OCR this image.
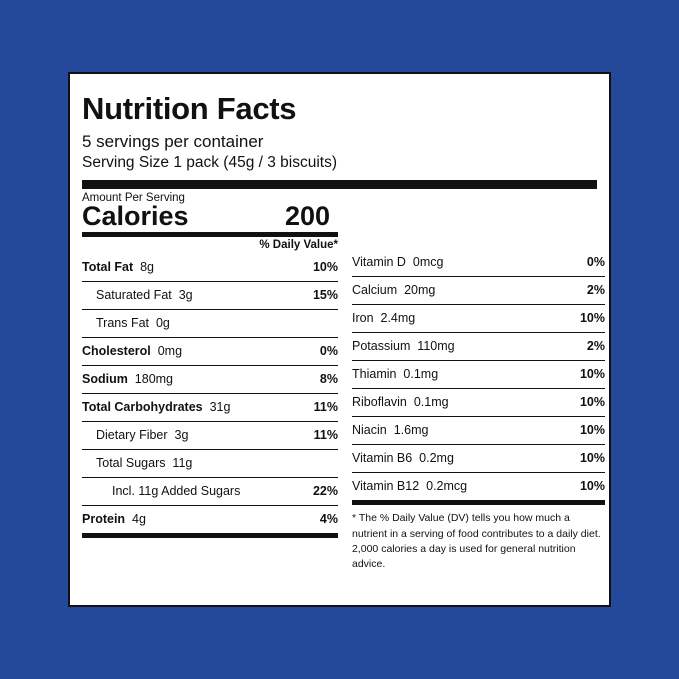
Nutrition Facts
5 servings per container
Serving Size 1 pack (45g / 3 biscuits)
Amount Per Serving
Calories	200
% Daily Value*
Total Fat  8g	10%
Saturated Fat  3g	15%
Trans Fat  0g
Cholesterol  0mg	0%
Sodium  180mg	8%
Total Carbohydrates  31g	11%
Dietary Fiber  3g	11%
Total Sugars  11g
Incl. 11g Added Sugars	22%
Protein  4g	4%
Vitamin D  0mcg	0%
Calcium  20mg	2%
Iron  2.4mg	10%
Potassium  110mg	2%
Thiamin  0.1mg	10%
Riboflavin  0.1mg	10%
Niacin  1.6mg	10%
Vitamin B6  0.2mg	10%
Vitamin B12  0.2mcg	10%
* The % Daily Value (DV) tells you how much a nutrient in a serving of food contributes to a daily diet. 2,000 calories a day is used for general nutrition advice.
